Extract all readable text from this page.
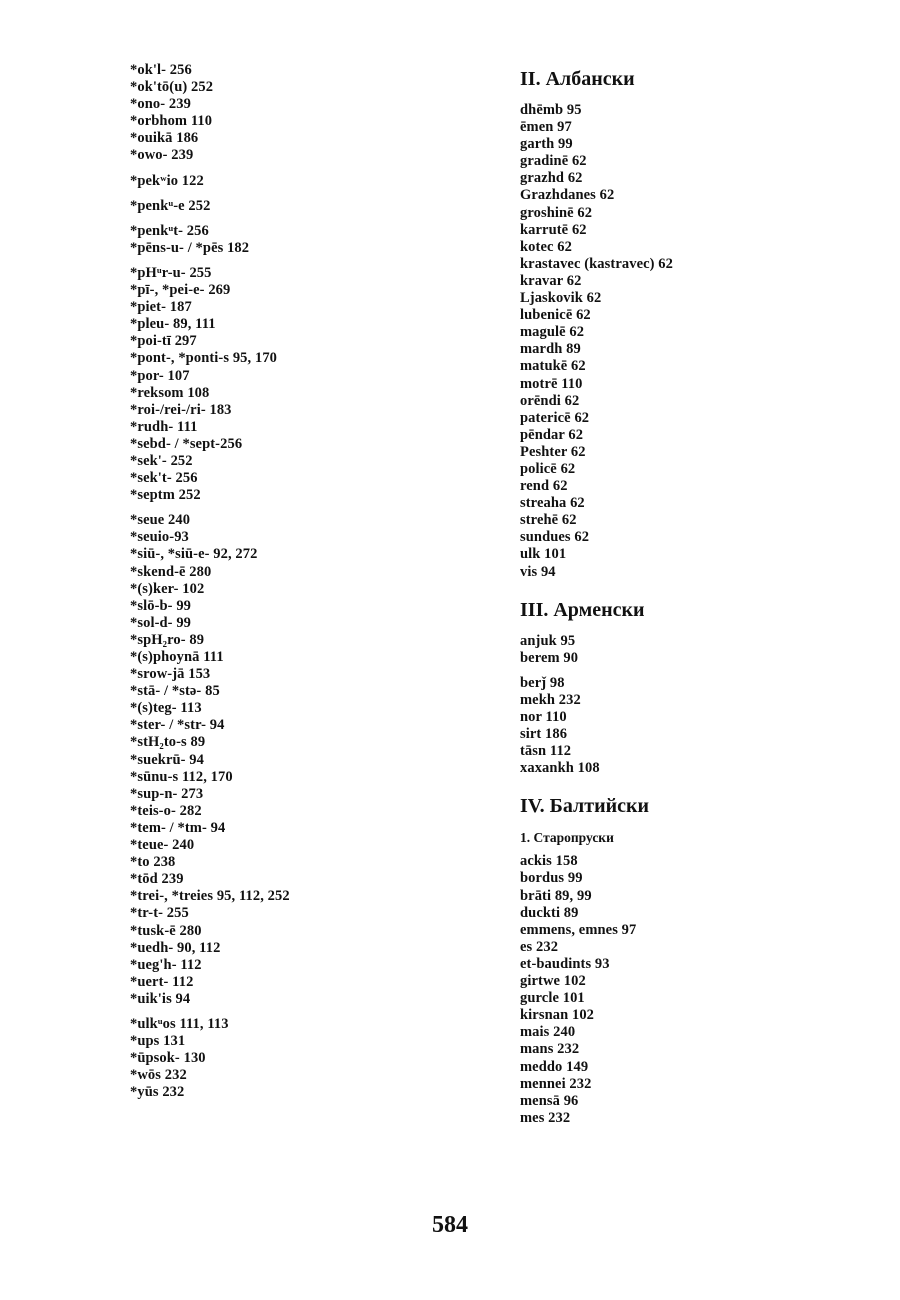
*ok'l- 256
*ok'tō(u) 252
*ono- 239
*orbhom 110
*ouikā 186
*owo- 239
*pekʷio 122
*penkᵘ-e 252
*penkᵘt- 256
*pēns-u- / *pēs 182
*pHᵘr-u- 255
*pī-, *pei-e- 269
*piet- 187
*pleu- 89, 111
*poi-tī 297
*pont-, *ponti-s 95, 170
*por- 107
*reksom 108
*roi-/rei-/ri- 183
*rudh- 111
*sebd- / *sept-256
*sek'- 252
*sek't- 256
*septm 252
*seue 240
*seuio-93
*siū-, *siū-e- 92, 272
*skend-ē 280
*(s)ker- 102
*slō-b- 99
*sol-d- 99
*spH₂ro- 89
*(s)phoynā 111
*srow-jā 153
*stā- / *stə- 85
*(s)teg- 113
*ster- / *str- 94
*stH₂to-s 89
*suekrū- 94
*sūnu-s 112, 170
*sup-n- 273
*teis-o- 282
*tem- / *tm- 94
*teue- 240
*to 238
*tōd 239
*trei-, *treies 95, 112, 252
*tr-t- 255
*tusk-ē 280
*uedh- 90, 112
*ueg'h- 112
*uert- 112
*uik'is 94
*ulkᵘos 111, 113
*ups 131
*ūpsok- 130
*wōs 232
*yūs 232
II. Албански
dhēmb 95
ēmen 97
garth 99
gradinē 62
grazhd 62
Grazhdanes 62
groshinē 62
karrutē 62
kotec 62
krastavec (kastravec) 62
kravar 62
Ljaskovik 62
lubenicē 62
magulē 62
mardh 89
matukē 62
motrē 110
orēndi 62
patericē 62
pēndar 62
Peshter 62
policē 62
rend 62
streaha 62
strehē 62
sundues 62
ulk 101
vis 94
III. Арменски
anjuk 95
berem 90
berǰ 98
mekh 232
nor 110
sirt 186
tāsn 112
xaxankh 108
IV. Балтийски
1. Старопруски
ackis 158
bordus 99
brāti 89, 99
duckti 89
emmens, emnes 97
es 232
et-baudints 93
girtwe 102
gurcle 101
kirsnan 102
mais 240
mans 232
meddo 149
mennei 232
mensā 96
mes 232
584
